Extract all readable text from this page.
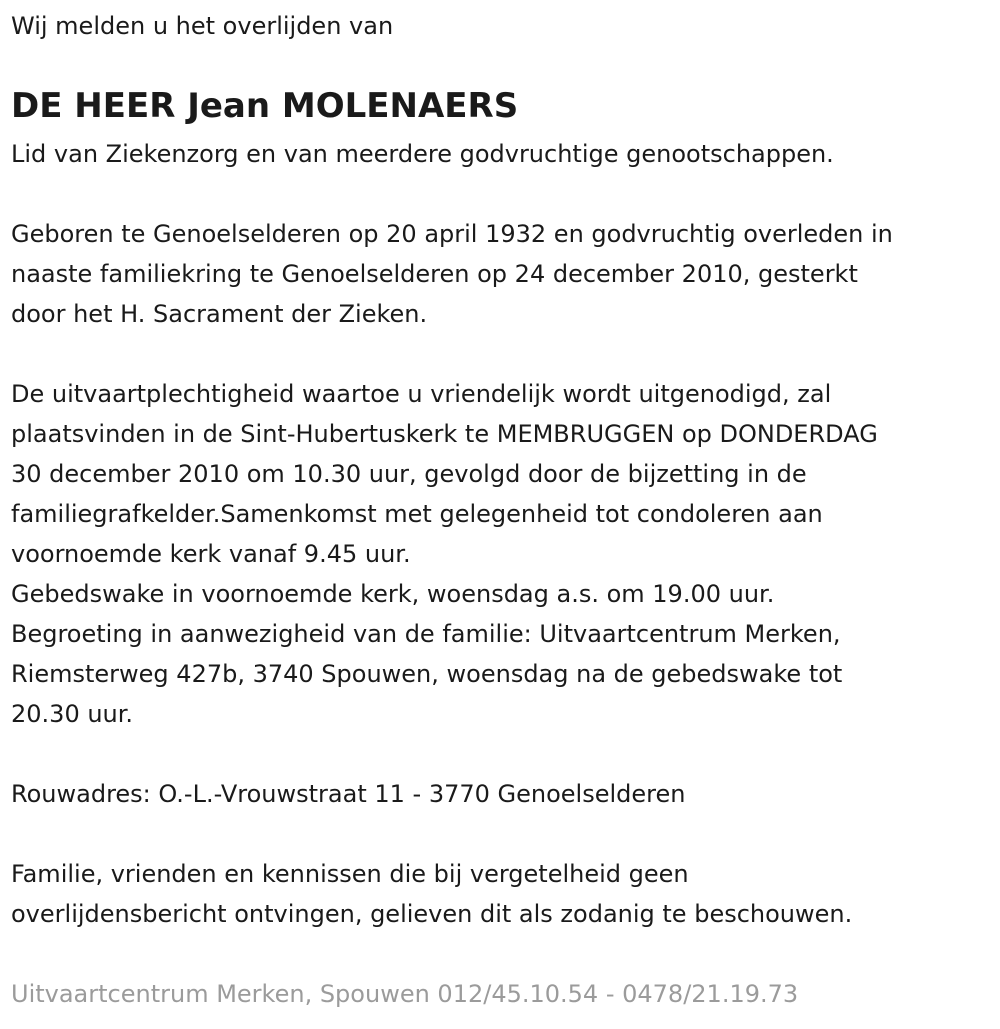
Wij melden u het overlijden van

DE HEER Jean MOLENAERS

Lid van Ziekenzorg en van meerdere godvruchtige genootschappen.

Geboren te Genoelselderen op 20 april 1932 en godvruchtig overleden in

naaste familiekring te Genoelselderen op 24 december 2010, gesterkt

door het H. Sacrament der Zieken.

De uitvaartplechtigheid waartoe u vriendelijk wordt uitgenodigd, zal

plaatsvinden in de Sint-Hubertuskerk te MEMBRUGGEN op DONDERDAG

30 december 2010 om 10.30 uur, gevolgd door de bijzetting in de

familiegrafkelder.Samenkomst met gelegenheid tot condoleren aan

voornoemde kerk vanaf 9.45 uur.

Gebedswake in voornoemde kerk, woensdag a.s. om 19.00 uur.

Begroeting in aanwezigheid van de familie: Uitvaartcentrum Merken,

Riemsterweg 427b, 3740 Spouwen, woensdag na de gebedswake tot

20.30 uur.

Rouwadres: O.-L.-Vrouwstraat 11 - 3770 Genoelselderen

Familie, vrienden en kennissen die bij vergetelheid geen

overlijdensbericht ontvingen, gelieven dit als zodanig te beschouwen.

Uitvaartcentrum Merken, Spouwen 012/45.10.54 - 0478/21.19.73
